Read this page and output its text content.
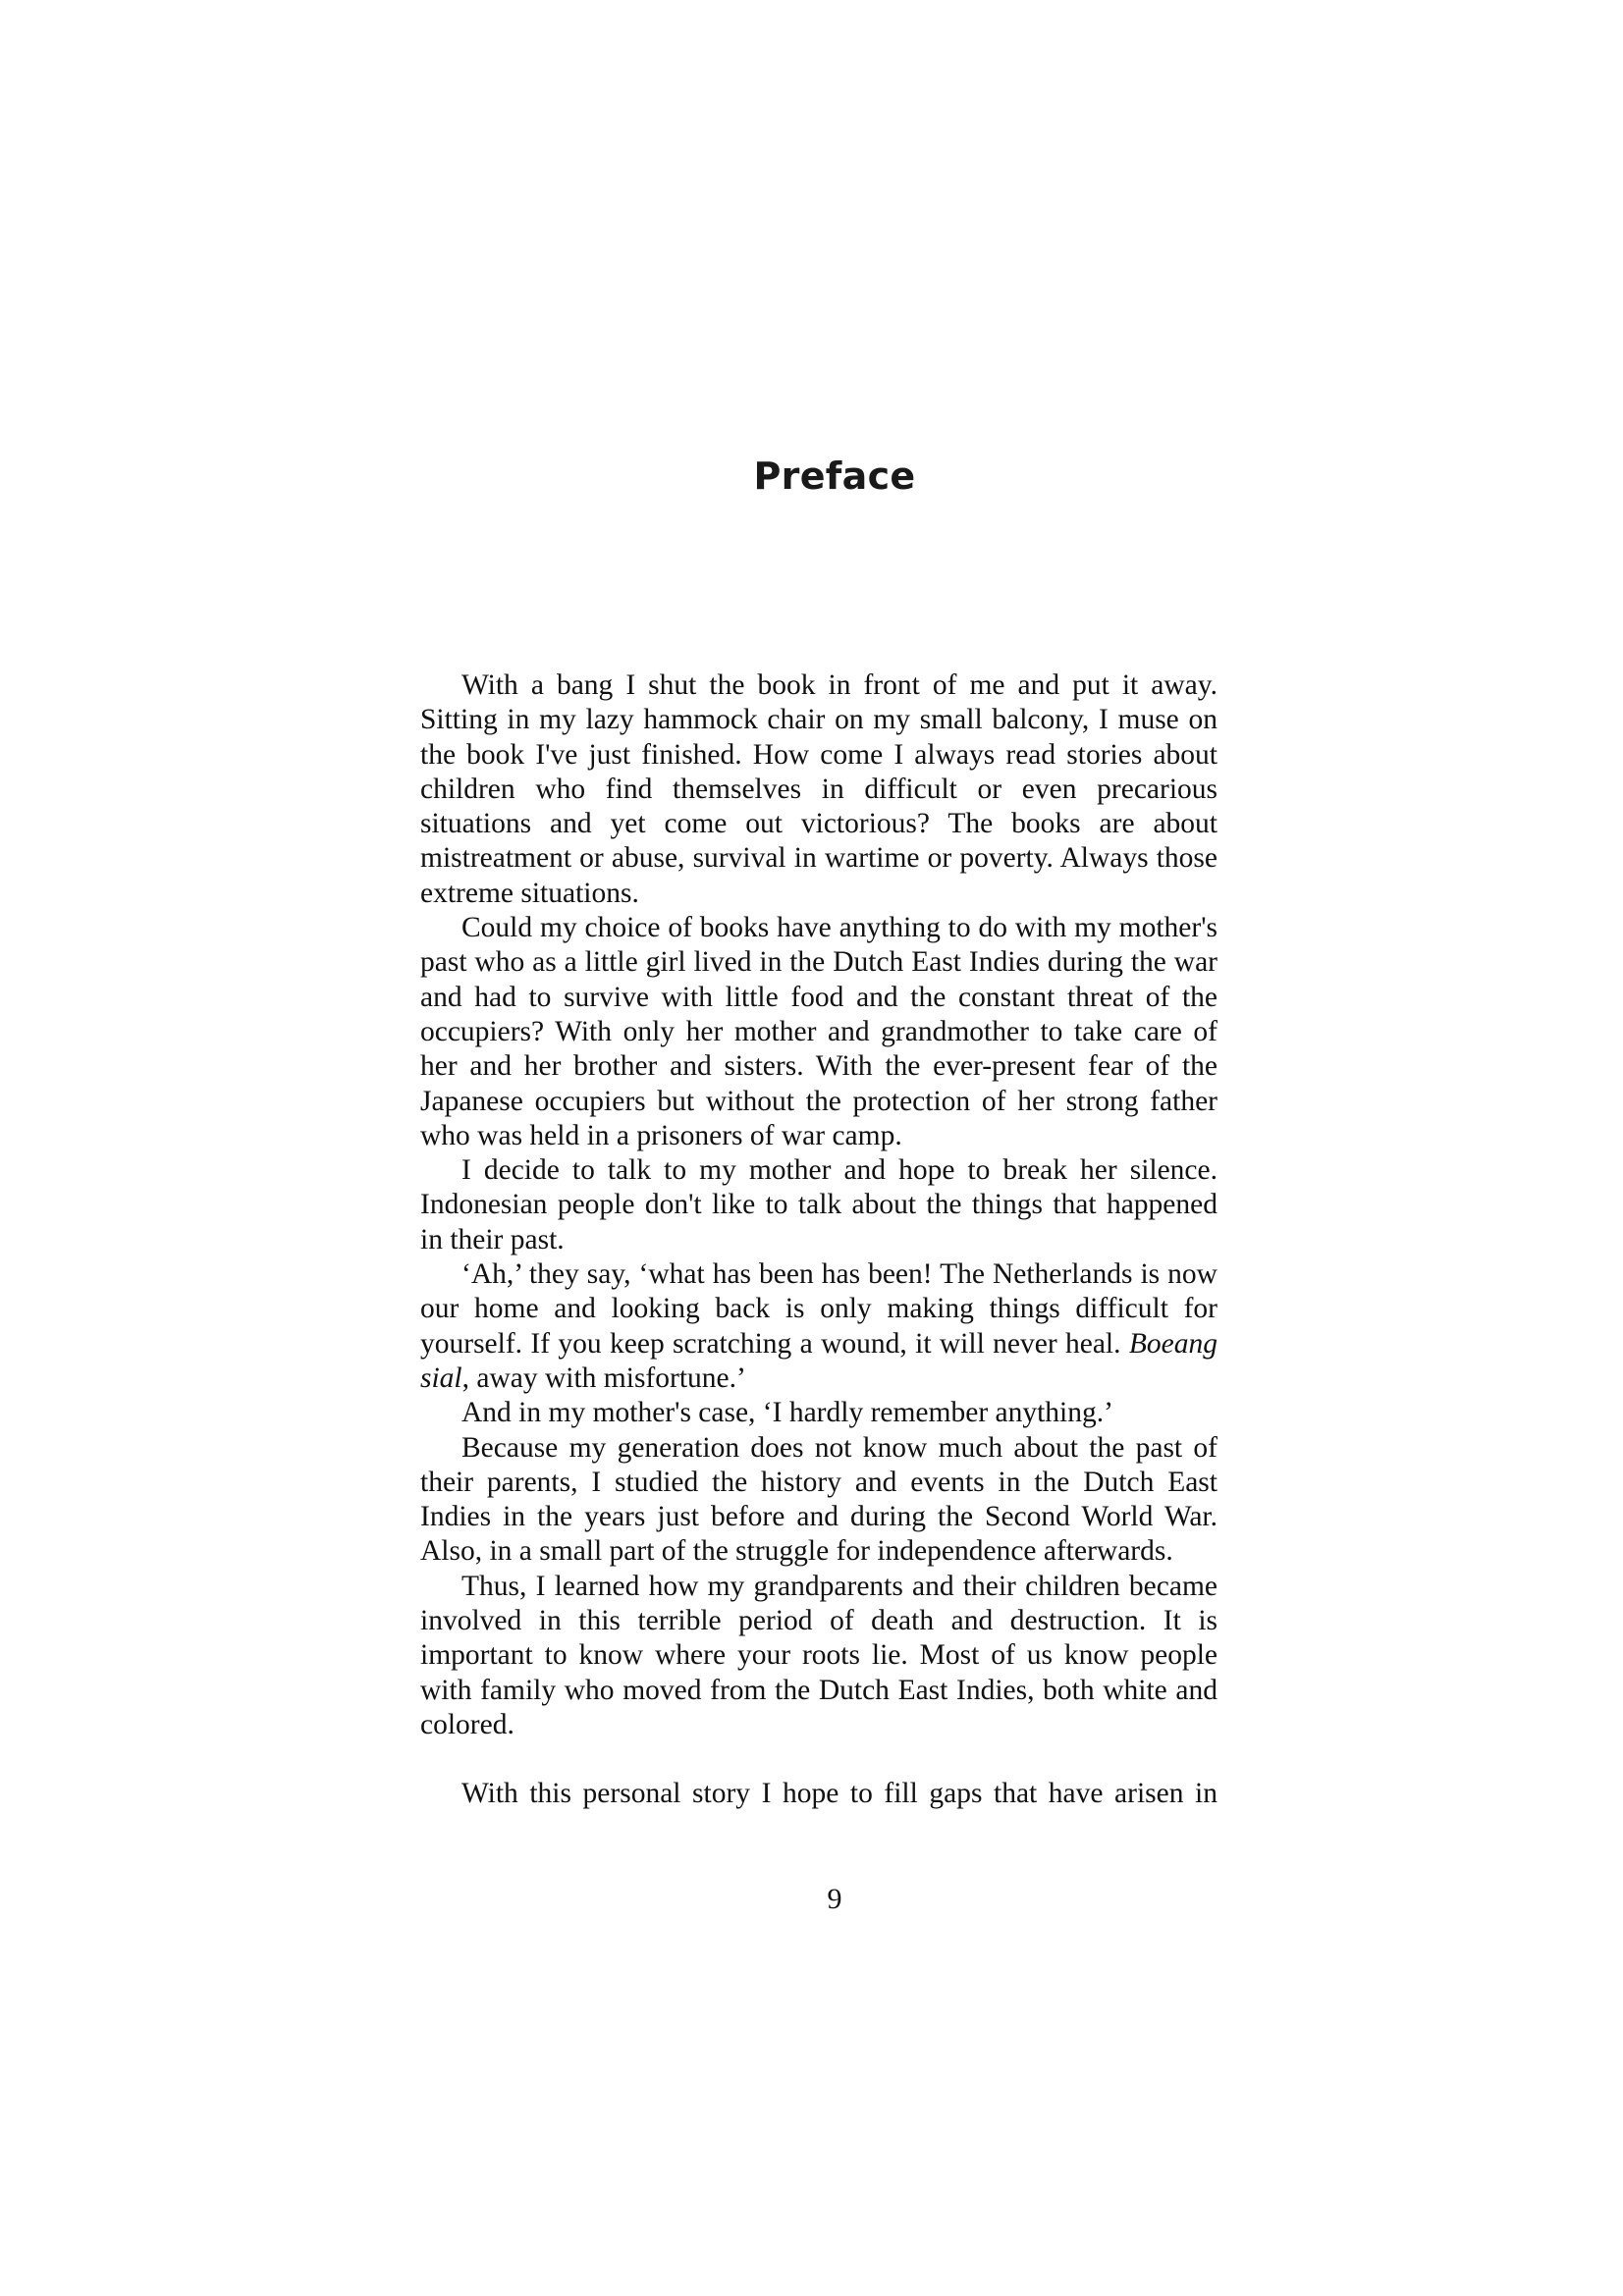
Preface

With a bang I shut the book in front of me and put it away. Sitting in my lazy hammock chair on my small balcony, I muse on the book I've just finished. How come I always read stories about children who find themselves in difficult or even precarious situations and yet come out victorious? The books are about mistreatment or abuse, survival in wartime or poverty. Always those extreme situations.

Could my choice of books have anything to do with my mother's past who as a little girl lived in the Dutch East Indies during the war and had to survive with little food and the constant threat of the occupiers? With only her mother and grandmother to take care of her and her brother and sisters. With the ever-present fear of the Japanese occupiers but without the protection of her strong father who was held in a prisoners of war camp.

I decide to talk to my mother and hope to break her silence. Indonesian people don't like to talk about the things that happened in their past.

‘Ah,’ they say, ‘what has been has been! The Netherlands is now our home and looking back is only making things difficult for yourself. If you keep scratching a wound, it will never heal. Boeang sial, away with misfortune.’

And in my mother's case, ‘I hardly remember anything.’

Because my generation does not know much about the past of their parents, I studied the history and events in the Dutch East Indies in the years just before and during the Second World War. Also, in a small part of the struggle for independence afterwards.

Thus, I learned how my grandparents and their children became involved in this terrible period of death and destruction. It is important to know where your roots lie. Most of us know people with family who moved from the Dutch East Indies, both white and colored.

With this personal story I hope to fill gaps that have arisen in

9
